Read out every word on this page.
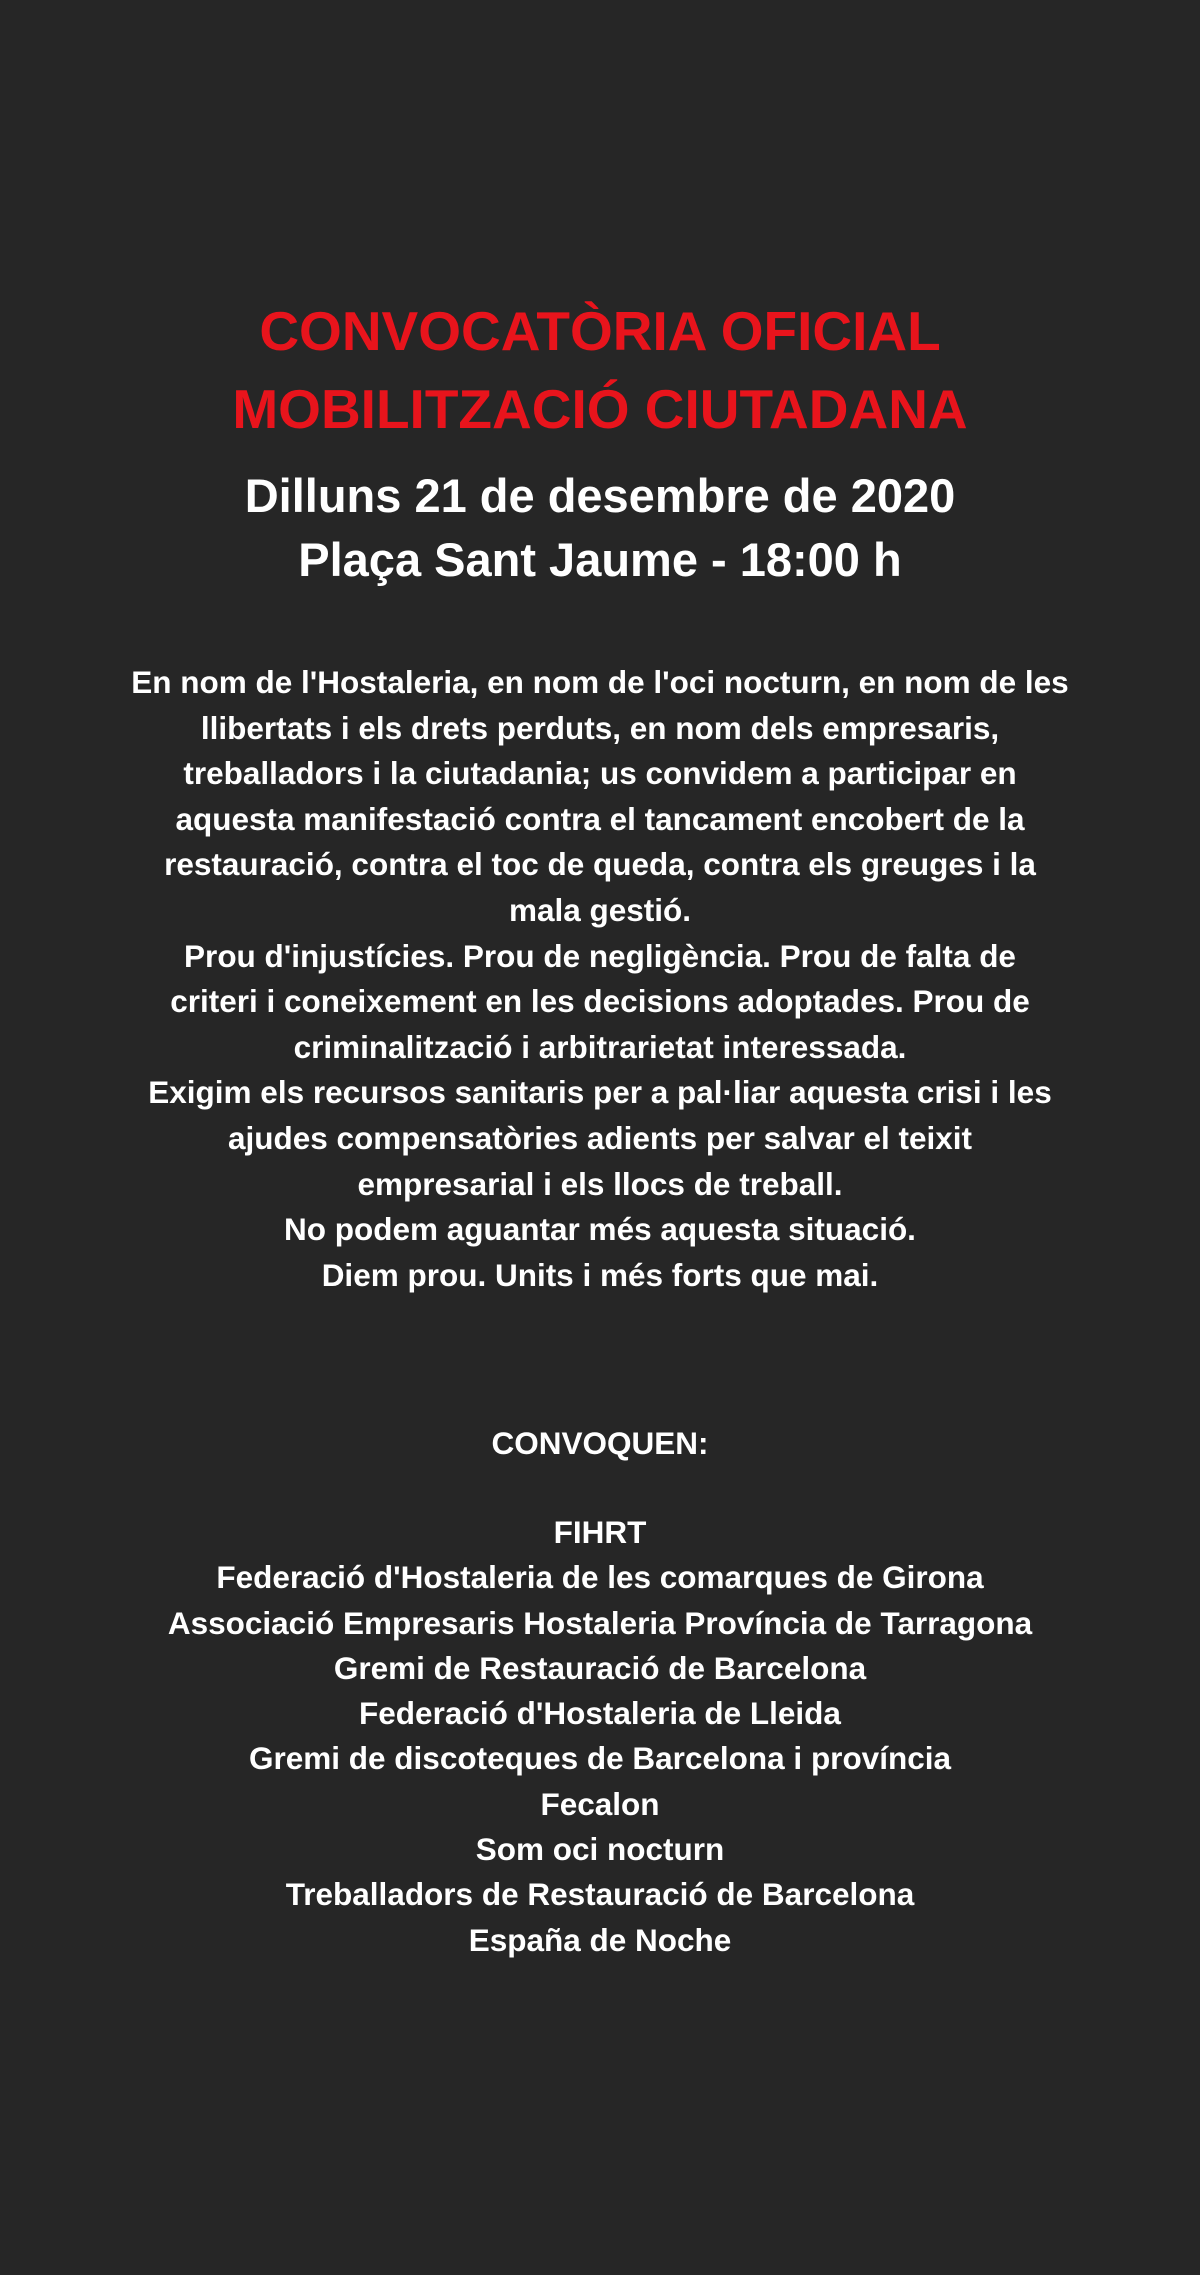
CONVOCATÒRIA OFICIAL

MOBILITZACIÓ CIUTADANA

Dilluns 21 de desembre de 2020

Plaça Sant Jaume - 18:00 h

En nom de l'Hostaleria, en nom de l'oci nocturn, en nom de les

llibertats i els drets perduts, en nom dels empresaris,

treballadors i la ciutadania; us convidem a participar en

aquesta manifestació contra el tancament encobert de la

restauració, contra el toc de queda, contra els greuges i la

mala gestió.

Prou d'injustícies. Prou de negligència. Prou de falta de

criteri i coneixement en les decisions adoptades. Prou de

criminalització i arbitrarietat interessada.

Exigim els recursos sanitaris per a pal·liar aquesta crisi i les

ajudes compensatòries adients per salvar el teixit

empresarial i els llocs de treball.

No podem aguantar més aquesta situació.

Diem prou. Units i més forts que mai.

CONVOQUEN:

FIHRT

Federació d'Hostaleria de les comarques de Girona

Associació Empresaris Hostaleria Província de Tarragona

Gremi de Restauració de Barcelona

Federació d'Hostaleria de Lleida

Gremi de discoteques de Barcelona i província

Fecalon

Som oci nocturn

Treballadors de Restauració de Barcelona

España de Noche
